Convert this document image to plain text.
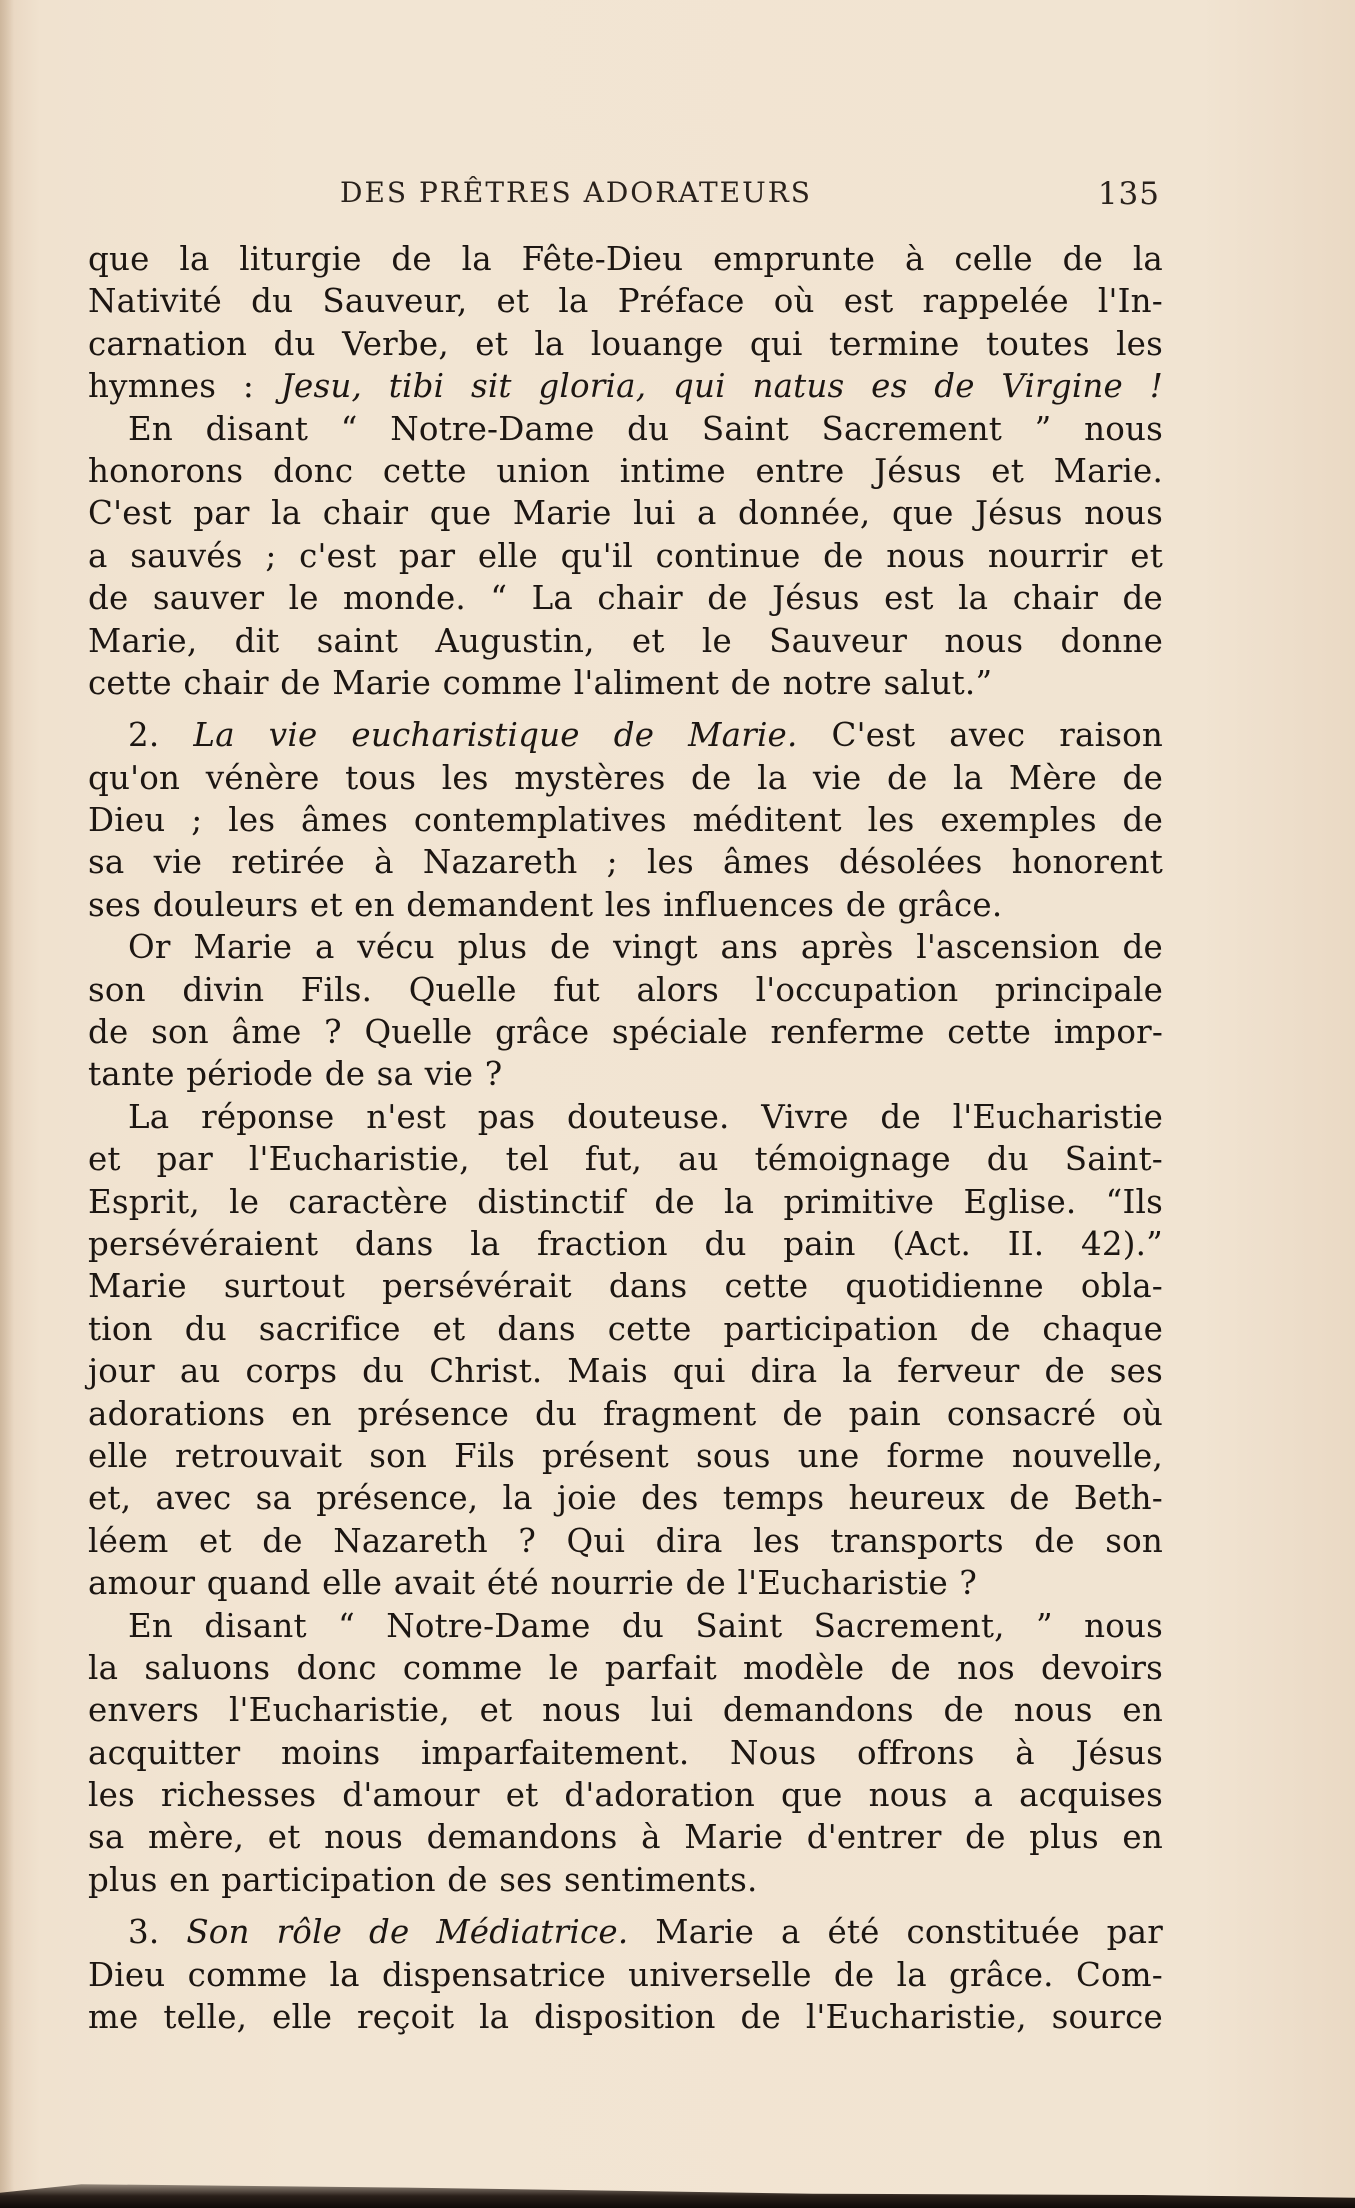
DES PRÊTRES ADORATEURS	135
que la liturgie de la Fête-Dieu emprunte à celle de la
Nativité du Sauveur, et la Préface où est rappelée l'In-
carnation du Verbe, et la louange qui termine toutes les
hymnes : Jesu, tibi sit gloria, qui natus es de Virgine !
En disant “ Notre-Dame du Saint Sacrement ” nous
honorons donc cette union intime entre Jésus et Marie.
C'est par la chair que Marie lui a donnée, que Jésus nous
a sauvés ; c'est par elle qu'il continue de nous nourrir et
de sauver le monde. “ La chair de Jésus est la chair de
Marie, dit saint Augustin, et le Sauveur nous donne
cette chair de Marie comme l'aliment de notre salut.”
2. La vie eucharistique de Marie. C'est avec raison
qu'on vénère tous les mystères de la vie de la Mère de
Dieu ; les âmes contemplatives méditent les exemples de
sa vie retirée à Nazareth ; les âmes désolées honorent
ses douleurs et en demandent les influences de grâce.
Or Marie a vécu plus de vingt ans après l'ascension de
son divin Fils. Quelle fut alors l'occupation principale
de son âme ? Quelle grâce spéciale renferme cette impor-
tante période de sa vie ?
La réponse n'est pas douteuse. Vivre de l'Eucharistie
et par l'Eucharistie, tel fut, au témoignage du Saint-
Esprit, le caractère distinctif de la primitive Eglise. “Ils
persévéraient dans la fraction du pain (Act. II. 42).”
Marie surtout persévérait dans cette quotidienne obla-
tion du sacrifice et dans cette participation de chaque
jour au corps du Christ. Mais qui dira la ferveur de ses
adorations en présence du fragment de pain consacré où
elle retrouvait son Fils présent sous une forme nouvelle,
et, avec sa présence, la joie des temps heureux de Beth-
léem et de Nazareth ? Qui dira les transports de son
amour quand elle avait été nourrie de l'Eucharistie ?
En disant “ Notre-Dame du Saint Sacrement, ” nous
la saluons donc comme le parfait modèle de nos devoirs
envers l'Eucharistie, et nous lui demandons de nous en
acquitter moins imparfaitement. Nous offrons à Jésus
les richesses d'amour et d'adoration que nous a acquises
sa mère, et nous demandons à Marie d'entrer de plus en
plus en participation de ses sentiments.
3. Son rôle de Médiatrice. Marie a été constituée par
Dieu comme la dispensatrice universelle de la grâce. Com-
me telle, elle reçoit la disposition de l'Eucharistie, source
